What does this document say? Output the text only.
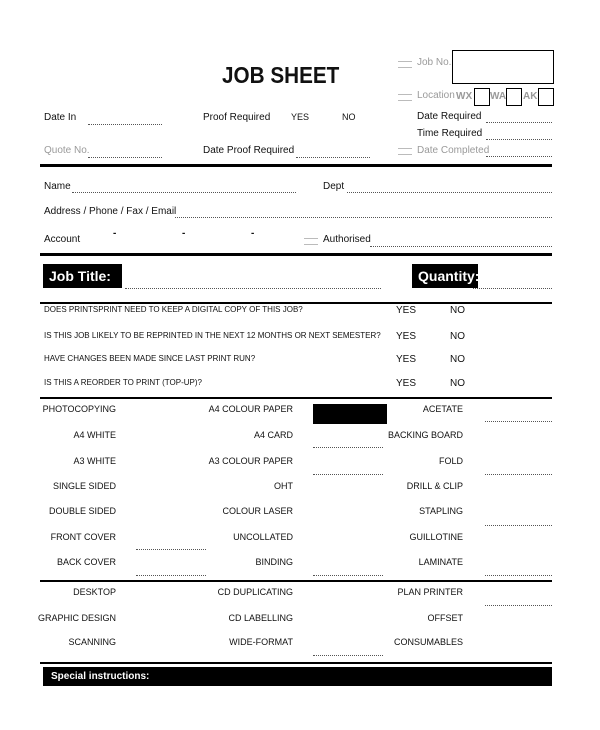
JOB SHEET	Job No.
Location WX WA AK
Date Required
Time Required
Date Completed
Date In
Quote No.
Proof Required YES	NO
Date Proof Required
Name	Dept
Address / Phone / Fax / Email
Account
-	-	-
Authorised
Job Title:	Quantity:
DOES PRINTSPRINT NEED TO KEEP A DIGITAL COPY OF THIS JOB?	YES	NO
IS THIS JOB LIKELY TO BE REPRINTED IN THE NEXT 12 MONTHS OR NEXT SEMESTER? YES	NO
HAVE CHANGES BEEN MADE SINCE LAST PRINT RUN?	YES	NO
IS THIS A REORDER TO PRINT (TOP-UP)?	YES	NO
PHOTOCOPYING	A4 COLOUR PAPER	ACETATE
A4 WHITE	A4 CARD	BACKING BOARD
A3 WHITE	A3 COLOUR PAPER	FOLD
SINGLE SIDED	OHT	DRILL & CLIP
DOUBLE SIDED	COLOUR LASER	STAPLING
FRONT COVER	UNCOLLATED	GUILLOTINE
BACK COVER	BINDING	LAMINATE
DESKTOP	CD DUPLICATING	PLAN PRINTER
GRAPHIC DESIGN	CD LABELLING	OFFSET
SCANNING	WIDE-FORMAT	CONSUMABLES
Special instructions:
